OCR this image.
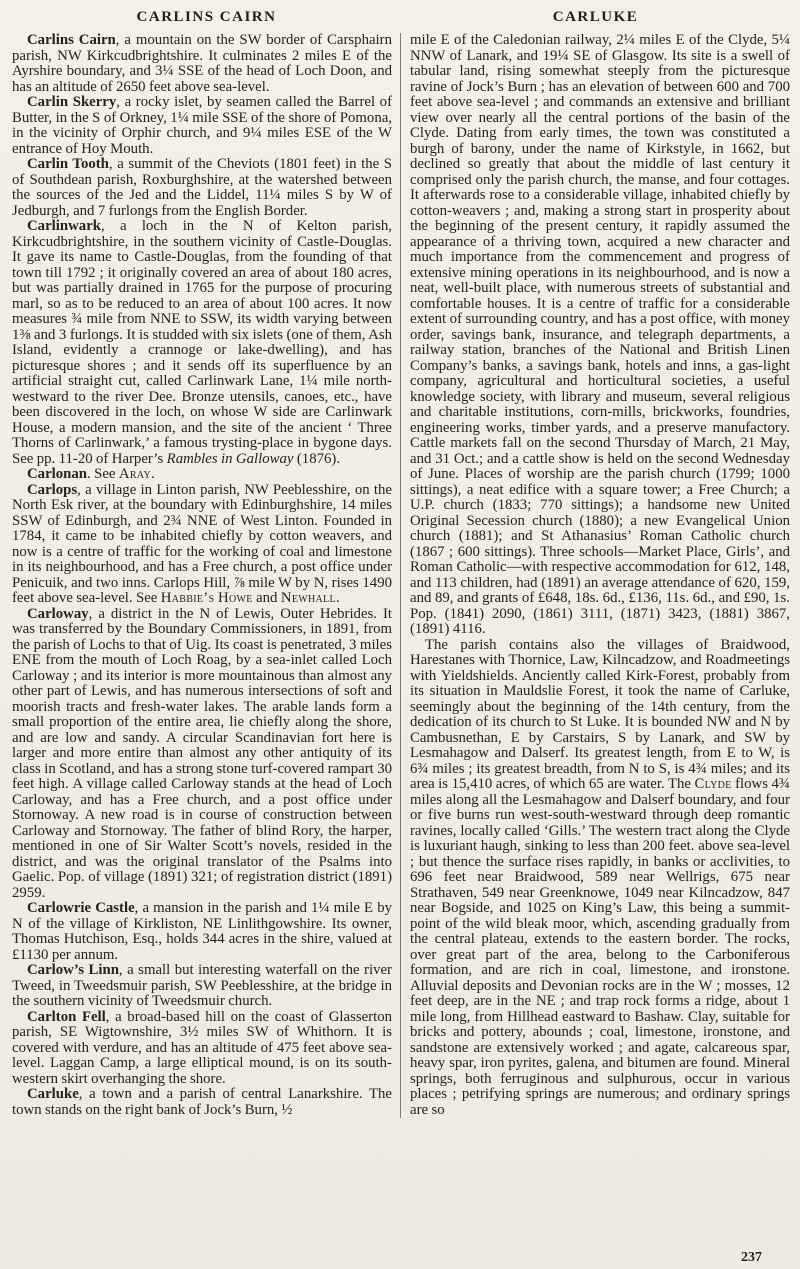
CARLINS CAIRN	CARLUKE

Carlins Cairn, a mountain on the SW border of Carsphairn parish, NW Kirkcudbrightshire. It culminates 2 miles E of the Ayrshire boundary, and 3¼ SSE of the head of Loch Doon, and has an altitude of 2650 feet above sea-level.

Carlin Skerry, a rocky islet, by seamen called the Barrel of Butter, in the S of Orkney, 1¼ mile SSE of the shore of Pomona, in the vicinity of Orphir church, and 9¼ miles ESE of the W entrance of Hoy Mouth.

Carlin Tooth, a summit of the Cheviots (1801 feet) in the S of Southdean parish, Roxburghshire, at the watershed between the sources of the Jed and the Liddel, 11¼ miles S by W of Jedburgh, and 7 furlongs from the English Border.

Carlinwark, a loch in the N of Kelton parish, Kirkcudbrightshire, in the southern vicinity of Castle-Douglas. It gave its name to Castle-Douglas, from the founding of that town till 1792 ; it originally covered an area of about 180 acres, but was partially drained in 1765 for the purpose of procuring marl, so as to be reduced to an area of about 100 acres. It now measures ¾ mile from NNE to SSW, its width varying between 1⅜ and 3 furlongs. It is studded with six islets (one of them, Ash Island, evidently a crannoge or lake-dwelling), and has picturesque shores ; and it sends off its superfluence by an artificial straight cut, called Carlinwark Lane, 1¼ mile north-westward to the river Dee. Bronze utensils, canoes, etc., have been discovered in the loch, on whose W side are Carlinwark House, a modern mansion, and the site of the ancient ‘ Three Thorns of Carlinwark,’ a famous trysting-place in bygone days. See pp. 11-20 of Harper’s Rambles in Galloway (1876).

Carlonan. See Aray.

Carlops, a village in Linton parish, NW Peeblesshire, on the North Esk river, at the boundary with Edinburghshire, 14 miles SSW of Edinburgh, and 2¾ NNE of West Linton. Founded in 1784, it came to be inhabited chiefly by cotton weavers, and now is a centre of traffic for the working of coal and limestone in its neighbourhood, and has a Free church, a post office under Penicuik, and two inns. Carlops Hill, ⅞ mile W by N, rises 1490 feet above sea-level. See Habbie’s Howe and Newhall.

Carloway, a district in the N of Lewis, Outer Hebrides. It was transferred by the Boundary Commissioners, in 1891, from the parish of Lochs to that of Uig. Its coast is penetrated, 3 miles ENE from the mouth of Loch Roag, by a sea-inlet called Loch Carloway ; and its interior is more mountainous than almost any other part of Lewis, and has numerous intersections of soft and moorish tracts and fresh-water lakes. The arable lands form a small proportion of the entire area, lie chiefly along the shore, and are low and sandy. A circular Scandinavian fort here is larger and more entire than almost any other antiquity of its class in Scotland, and has a strong stone turf-covered rampart 30 feet high. A village called Carloway stands at the head of Loch Carloway, and has a Free church, and a post office under Stornoway. A new road is in course of construction between Carloway and Stornoway. The father of blind Rory, the harper, mentioned in one of Sir Walter Scott’s novels, resided in the district, and was the original translator of the Psalms into Gaelic. Pop. of village (1891) 321; of registration district (1891) 2959.

Carlowrie Castle, a mansion in the parish and 1¼ mile E by N of the village of Kirkliston, NE Linlithgowshire. Its owner, Thomas Hutchison, Esq., holds 344 acres in the shire, valued at £1130 per annum.

Carlow’s Linn, a small but interesting waterfall on the river Tweed, in Tweedsmuir parish, SW Peeblesshire, at the bridge in the southern vicinity of Tweedsmuir church.

Carlton Fell, a broad-based hill on the coast of Glasserton parish, SE Wigtownshire, 3½ miles SW of Whithorn. It is covered with verdure, and has an altitude of 475 feet above sea-level. Laggan Camp, a large elliptical mound, is on its south-western skirt overhanging the shore.

Carluke, a town and a parish of central Lanarkshire. The town stands on the right bank of Jock’s Burn, ½

mile E of the Caledonian railway, 2¼ miles E of the Clyde, 5¼ NNW of Lanark, and 19¼ SE of Glasgow. Its site is a swell of tabular land, rising somewhat steeply from the picturesque ravine of Jock’s Burn ; has an elevation of between 600 and 700 feet above sea-level ; and commands an extensive and brilliant view over nearly all the central portions of the basin of the Clyde. Dating from early times, the town was constituted a burgh of barony, under the name of Kirkstyle, in 1662, but declined so greatly that about the middle of last century it comprised only the parish church, the manse, and four cottages. It afterwards rose to a considerable village, inhabited chiefly by cotton-weavers ; and, making a strong start in prosperity about the beginning of the present century, it rapidly assumed the appearance of a thriving town, acquired a new character and much importance from the commencement and progress of extensive mining operations in its neighbourhood, and is now a neat, well-built place, with numerous streets of substantial and comfortable houses. It is a centre of traffic for a considerable extent of surrounding country, and has a post office, with money order, savings bank, insurance, and telegraph departments, a railway station, branches of the National and British Linen Company’s banks, a savings bank, hotels and inns, a gas-light company, agricultural and horticultural societies, a useful knowledge society, with library and museum, several religious and charitable institutions, corn-mills, brickworks, foundries, engineering works, timber yards, and a preserve manufactory. Cattle markets fall on the second Thursday of March, 21 May, and 31 Oct.; and a cattle show is held on the second Wednesday of June. Places of worship are the parish church (1799; 1000 sittings), a neat edifice with a square tower; a Free Church; a U.P. church (1833; 770 sittings); a handsome new United Original Secession church (1880); a new Evangelical Union church (1881); and St Athanasius’ Roman Catholic church (1867 ; 600 sittings). Three schools—Market Place, Girls’, and Roman Catholic—with respective accommodation for 612, 148, and 113 children, had (1891) an average attendance of 620, 159, and 89, and grants of £648, 18s. 6d., £136, 11s. 6d., and £90, 1s. Pop. (1841) 2090, (1861) 3111, (1871) 3423, (1881) 3867, (1891) 4116.

The parish contains also the villages of Braidwood, Harestanes with Thornice, Law, Kilncadzow, and Roadmeetings with Yieldshields. Anciently called Kirk-Forest, probably from its situation in Mauldslie Forest, it took the name of Carluke, seemingly about the beginning of the 14th century, from the dedication of its church to St Luke. It is bounded NW and N by Cambusnethan, E by Carstairs, S by Lanark, and SW by Lesmahagow and Dalserf. Its greatest length, from E to W, is 6¾ miles ; its greatest breadth, from N to S, is 4¾ miles; and its area is 15,410 acres, of which 65 are water. The Clyde flows 4¾ miles along all the Lesmahagow and Dalserf boundary, and four or five burns run west-south-westward through deep romantic ravines, locally called ‘Gills.’ The western tract along the Clyde is luxuriant haugh, sinking to less than 200 feet. above sea-level ; but thence the surface rises rapidly, in banks or acclivities, to 696 feet near Braidwood, 589 near Wellrigs, 675 near Strathaven, 549 near Greenknowe, 1049 near Kilncadzow, 847 near Bogside, and 1025 on King’s Law, this being a summit-point of the wild bleak moor, which, ascending gradually from the central plateau, extends to the eastern border. The rocks, over great part of the area, belong to the Carboniferous formation, and are rich in coal, limestone, and ironstone. Alluvial deposits and Devonian rocks are in the W ; mosses, 12 feet deep, are in the NE ; and trap rock forms a ridge, about 1 mile long, from Hillhead eastward to Bashaw. Clay, suitable for bricks and pottery, abounds ; coal, limestone, ironstone, and sandstone are extensively worked ; and agate, calcareous spar, heavy spar, iron pyrites, galena, and bitumen are found. Mineral springs, both ferruginous and sulphurous, occur in various places ; petrifying springs are numerous; and ordinary springs are so

237
